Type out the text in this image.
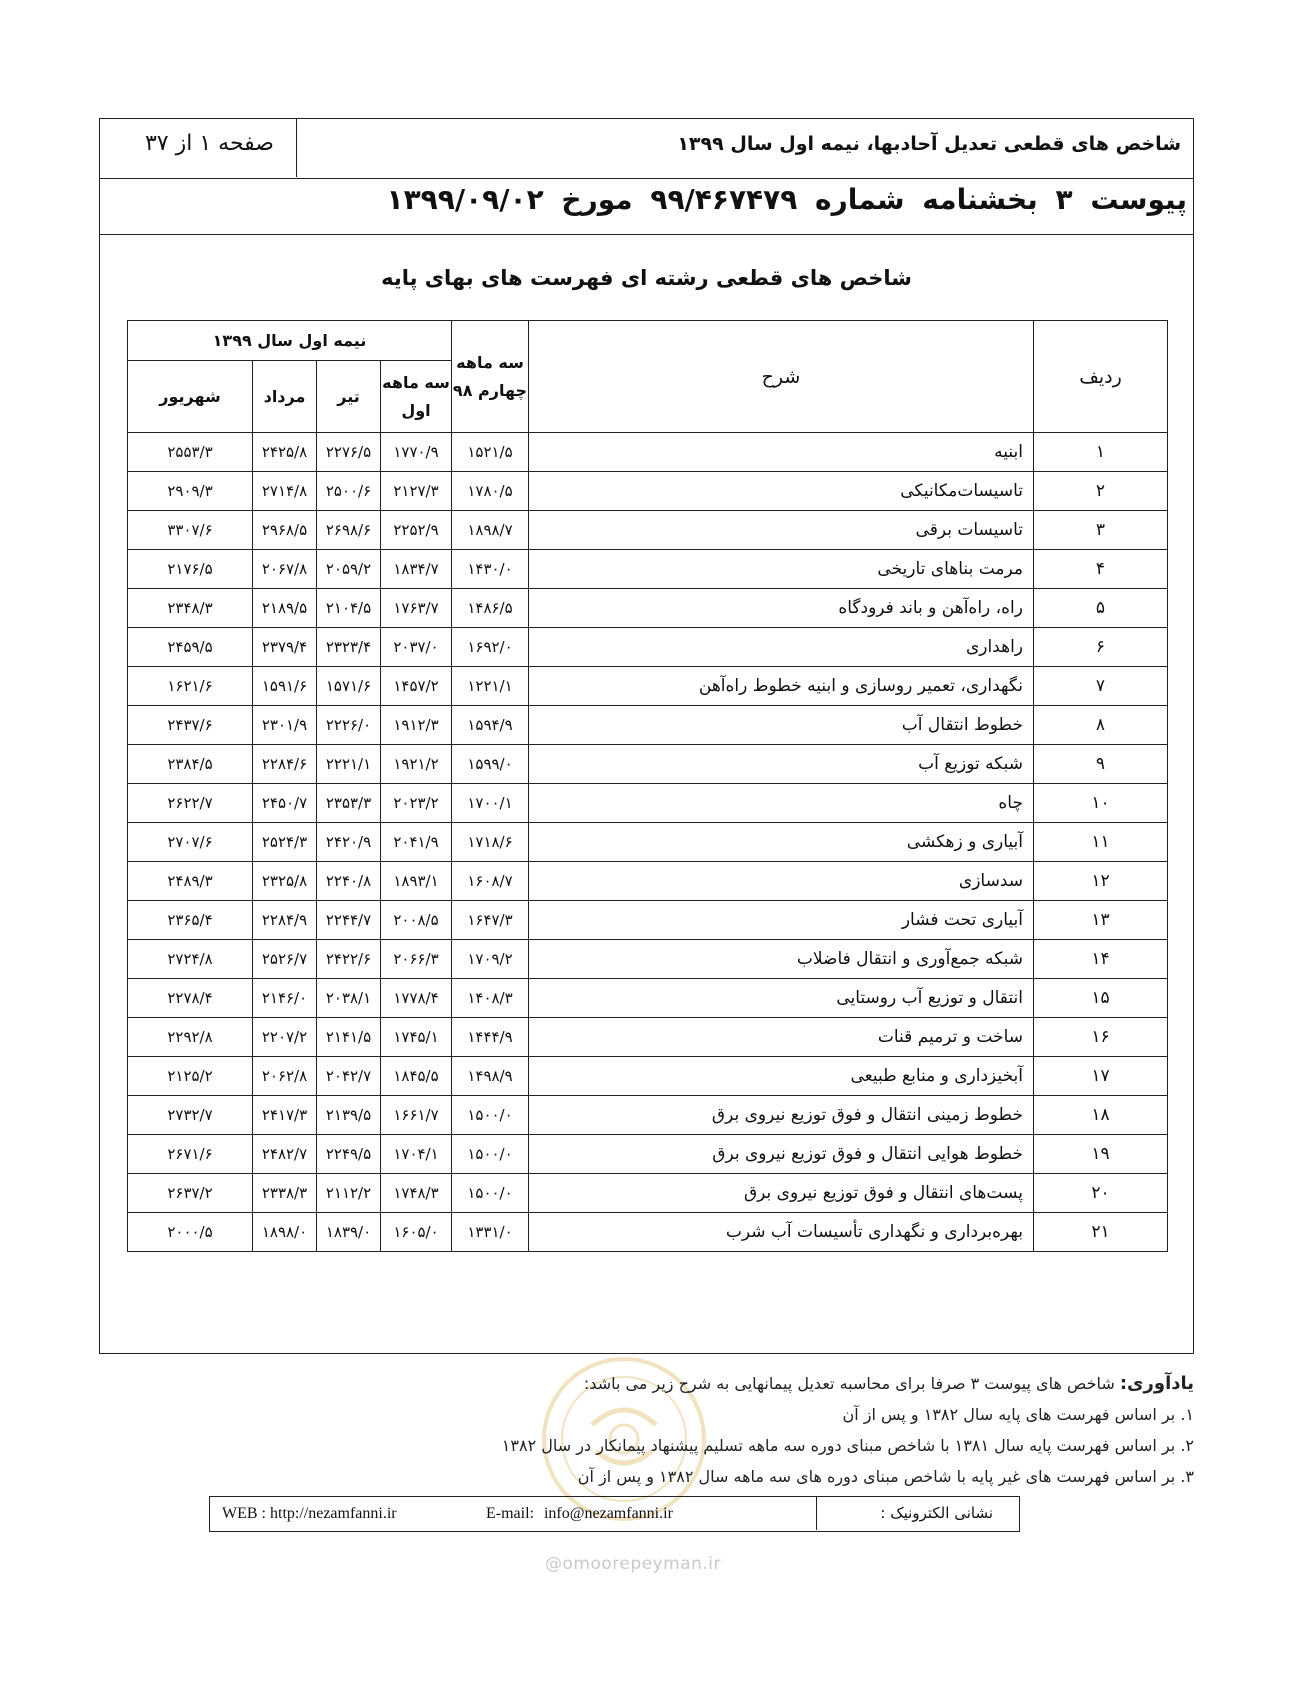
شاخص های قطعی تعدیل آحادبها، نیمه اول سال ۱۳۹۹
صفحه ۱ از ۳۷
پیوست ۳ بخشنامه شماره ۹۹/۴۶۷۴۷۹ مورخ ۱۳۹۹/۰۹/۰۲
شاخص های قطعی رشته ای فهرست های بهای پایه
ردیف	شرح	سه ماهه چهارم ۹۸	نیمه اول سال ۱۳۹۹			
			سه ماهه اول	تیر	مرداد	شهریور
۱	ابنیه	۱۵۲۱/۵	۱۷۷۰/۹	۲۲۷۶/۵	۲۴۲۵/۸	۲۵۵۳/۳
۲	تاسیسات‌مکانیکی	۱۷۸۰/۵	۲۱۲۷/۳	۲۵۰۰/۶	۲۷۱۴/۸	۲۹۰۹/۳
۳	تاسیسات برقی	۱۸۹۸/۷	۲۲۵۲/۹	۲۶۹۸/۶	۲۹۶۸/۵	۳۳۰۷/۶
۴	مرمت بناهای تاریخی	۱۴۳۰/۰	۱۸۳۴/۷	۲۰۵۹/۲	۲۰۶۷/۸	۲۱۷۶/۵
۵	راه، راه‌آهن و باند فرودگاه	۱۴۸۶/۵	۱۷۶۳/۷	۲۱۰۴/۵	۲۱۸۹/۵	۲۳۴۸/۳
۶	راهداری	۱۶۹۲/۰	۲۰۳۷/۰	۲۳۲۳/۴	۲۳۷۹/۴	۲۴۵۹/۵
۷	نگهداری، تعمیر روسازی و ابنیه خطوط راه‌آهن	۱۲۲۱/۱	۱۴۵۷/۲	۱۵۷۱/۶	۱۵۹۱/۶	۱۶۲۱/۶
۸	خطوط انتقال آب	۱۵۹۴/۹	۱۹۱۲/۳	۲۲۲۶/۰	۲۳۰۱/۹	۲۴۳۷/۶
۹	شبکه توزیع آب	۱۵۹۹/۰	۱۹۲۱/۲	۲۲۲۱/۱	۲۲۸۴/۶	۲۳۸۴/۵
۱۰	چاه	۱۷۰۰/۱	۲۰۲۳/۲	۲۳۵۳/۳	۲۴۵۰/۷	۲۶۲۲/۷
۱۱	آبیاری و زهکشی	۱۷۱۸/۶	۲۰۴۱/۹	۲۴۲۰/۹	۲۵۲۴/۳	۲۷۰۷/۶
۱۲	سدسازی	۱۶۰۸/۷	۱۸۹۳/۱	۲۲۴۰/۸	۲۳۲۵/۸	۲۴۸۹/۳
۱۳	آبیاری تحت فشار	۱۶۴۷/۳	۲۰۰۸/۵	۲۲۴۴/۷	۲۲۸۴/۹	۲۳۶۵/۴
۱۴	شبکه جمع‌آوری و انتقال فاضلاب	۱۷۰۹/۲	۲۰۶۶/۳	۲۴۲۲/۶	۲۵۲۶/۷	۲۷۲۴/۸
۱۵	انتقال و توزیع آب روستایی	۱۴۰۸/۳	۱۷۷۸/۴	۲۰۳۸/۱	۲۱۴۶/۰	۲۲۷۸/۴
۱۶	ساخت و ترمیم قنات	۱۴۴۴/۹	۱۷۴۵/۱	۲۱۴۱/۵	۲۲۰۷/۲	۲۲۹۲/۸
۱۷	آبخیزداری و منابع طبیعی	۱۴۹۸/۹	۱۸۴۵/۵	۲۰۴۲/۷	۲۰۶۲/۸	۲۱۲۵/۲
۱۸	خطوط زمینی انتقال و فوق توزیع نیروی برق	۱۵۰۰/۰	۱۶۶۱/۷	۲۱۳۹/۵	۲۴۱۷/۳	۲۷۳۲/۷
۱۹	خطوط هوایی انتقال و فوق توزیع نیروی برق	۱۵۰۰/۰	۱۷۰۴/۱	۲۲۴۹/۵	۲۴۸۲/۷	۲۶۷۱/۶
۲۰	پست‌های انتقال و فوق توزیع نیروی برق	۱۵۰۰/۰	۱۷۴۸/۳	۲۱۱۲/۲	۲۳۳۸/۳	۲۶۳۷/۲
۲۱	بهره‌برداری و نگهداری تأسیسات آب شرب	۱۳۳۱/۰	۱۶۰۵/۰	۱۸۳۹/۰	۱۸۹۸/۰	۲۰۰۰/۵
یادآوری: شاخص های پیوست ۳ صرفا برای محاسبه تعدیل پیمانهایی به شرح زیر می باشد:
۱. بر اساس فهرست های پایه سال ۱۳۸۲ و پس از آن
۲. بر اساس فهرست پایه سال ۱۳۸۱ با شاخص مبنای دوره سه ماهه تسلیم پیشنهاد پیمانکار در سال ۱۳۸۲
۳. بر اساس فهرست های غیر پایه با شاخص مبنای دوره های سه ماهه سال ۱۳۸۲ و پس از آن
نشانی الکترونیک :
E-mail: info@nezamfanni.ir
WEB : http://nezamfanni.ir
@omoorepeyman.ir
